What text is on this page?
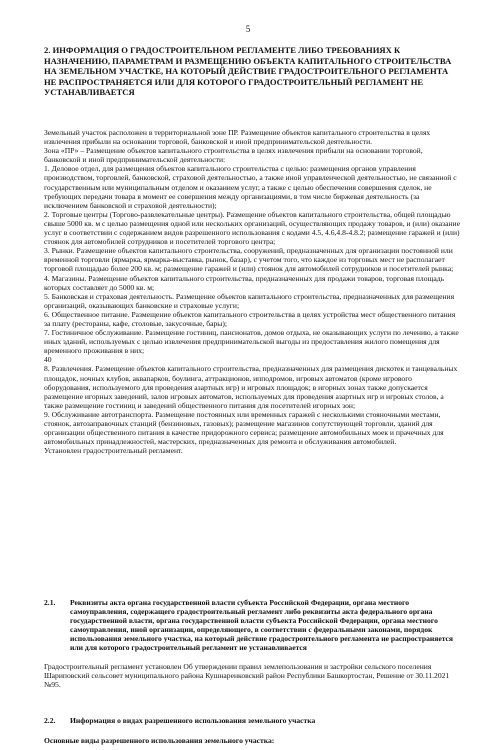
5
2. ИНФОРМАЦИЯ О ГРАДОСТРОИТЕЛЬНОМ РЕГЛАМЕНТЕ ЛИБО ТРЕБОВАНИЯХ К НАЗНАЧЕНИЮ, ПАРАМЕТРАМ И РАЗМЕЩЕНИЮ ОБЪЕКТА КАПИТАЛЬНОГО СТРОИТЕЛЬСТВА НА ЗЕМЕЛЬНОМ УЧАСТКЕ, НА КОТОРЫЙ ДЕЙСТВИЕ ГРАДОСТРОИТЕЛЬНОГО РЕГЛАМЕНТА НЕ РАСПРОСТРАНЯЕТСЯ ИЛИ ДЛЯ КОТОРОГО ГРАДОСТРОИТЕЛЬНЫЙ РЕГЛАМЕНТ НЕ УСТАНАВЛИВАЕТСЯ

Земельный участок расположен в территориальной зоне ПР. Размещение объектов капитального строительства в целях извлечения прибыли на основании торговой, банковской и иной предпринимательской деятельности.

Зона «ПР» – Размещение объектов капитального строительства в целях извлечения прибыли на основании торговой, банковской и иной предпринимательской деятельности:

1. Деловое отдел, для размещения объектов капитального строительства с целью: размещения органов управления производством, торговлей, банковской, страховой деятельностью, а также иной управленческой деятельностью, не связанной с государственным или муниципальным отделом и оказанием услуг, а также с целью обеспечения совершения сделок, не требующих передачи товара в момент ее совершения между организациями, в том числе биржевая деятельность (за исключением банковской и страховой деятельности);

2. Торговые центры (Торгово-развлекательные центры). Размещение объектов капитального строительства, общей площадью свыше 5000 кв. м с целью размещения одной или нескольких организаций, осуществляющих продажу товаров, и (или) оказание услуг в соответствии с содержанием видов разрешенного использования с кодами 4.5, 4.6,4.8-4.8.2; размещение гаражей и (или) стоянок для автомобилей сотрудников и посетителей торгового центра;

3. Рынки. Размещение объектов капитального строительства, сооружений, предназначенных для организации постоянной или временной торговли (ярмарка, ярмарка-выставка, рынок, базар), с учетом того, что каждое из торговых мест не располагает торговой площадью более 200 кв. м; размещение гаражей и (или) стоянок для автомобилей сотрудников и посетителей рынка;

4. Магазины. Размещение объектов капитального строительства, предназначенных для продажи товаров, торговая площадь которых составляет до 5000 кв. м;

5. Банковская и страховая деятельность. Размещение объектов капитального строительства, предназначенных для размещения организаций, оказывающих банковские и страховые услуги;

6. Общественное питание. Размещение объектов капитального строительства в целях устройства мест общественного питания за плату (рестораны, кафе, столовые, закусочные, бары);

7. Гостиничное обслуживание. Размещение гостиниц, пансионатов, домов отдыха, не оказывающих услуги по лечению, а также иных зданий, используемых с целью извлечения предпринимательской выгоды из предоставления жилого помещения для временного проживания в них;

40

8. Развлечения. Размещение объектов капитального строительства, предназначенных для размещения дискотек и танцевальных площадок, ночных клубов, аквапарков, боулинга, аттракционов, ипподромов, игровых автоматов (кроме игрового оборудования, используемого для проведения азартных игр) и игровых площадок; в игорных зонах также допускается размещение игорных заведений, залов игровых автоматов, используемых для проведения азартных игр и игровых столов, а также размещение гостиниц и заведений общественного питания для посетителей игорных зон;

9. Обслуживание автотранспорта. Размещение постоянных или временных гаражей с несколькими стояночными местами, стоянок, автозаправочных станций (бензиновых, газовых); размещение магазинов сопутствующей торговли, зданий для организации общественного питания в качестве придорожного сервиса; размещение автомобильных моек и прачечных для автомобильных принадлежностей, мастерских, предназначенных для ремонта и обслуживания автомобилей.

Установлен градостроительный регламент.

2.1.	Реквизиты акта органа государственной власти субъекта Российской Федерации, органа местного самоуправления, содержащего градостроительный регламент либо реквизиты акта федерального органа государственной власти, органа государственной власти субъекта Российской Федерации, органа местного самоуправления, иной организации, определяющего, в соответствии с федеральными законами, порядок использования земельного участка, на который действие градостроительного регламента не распространяется или для которого градостроительный регламент не устанавливается
Градостроительный регламент установлен Об утверждении правил землепользования и застройки сельского поселения Шариповский сельсовет муниципального района Кушнаренковский район Республики Башкортостан, Решение от 30.11.2021 №95.
2.2.	Информация о видах разрешенного использования земельного участка
Основные виды разрешенного использования земельного участка:
